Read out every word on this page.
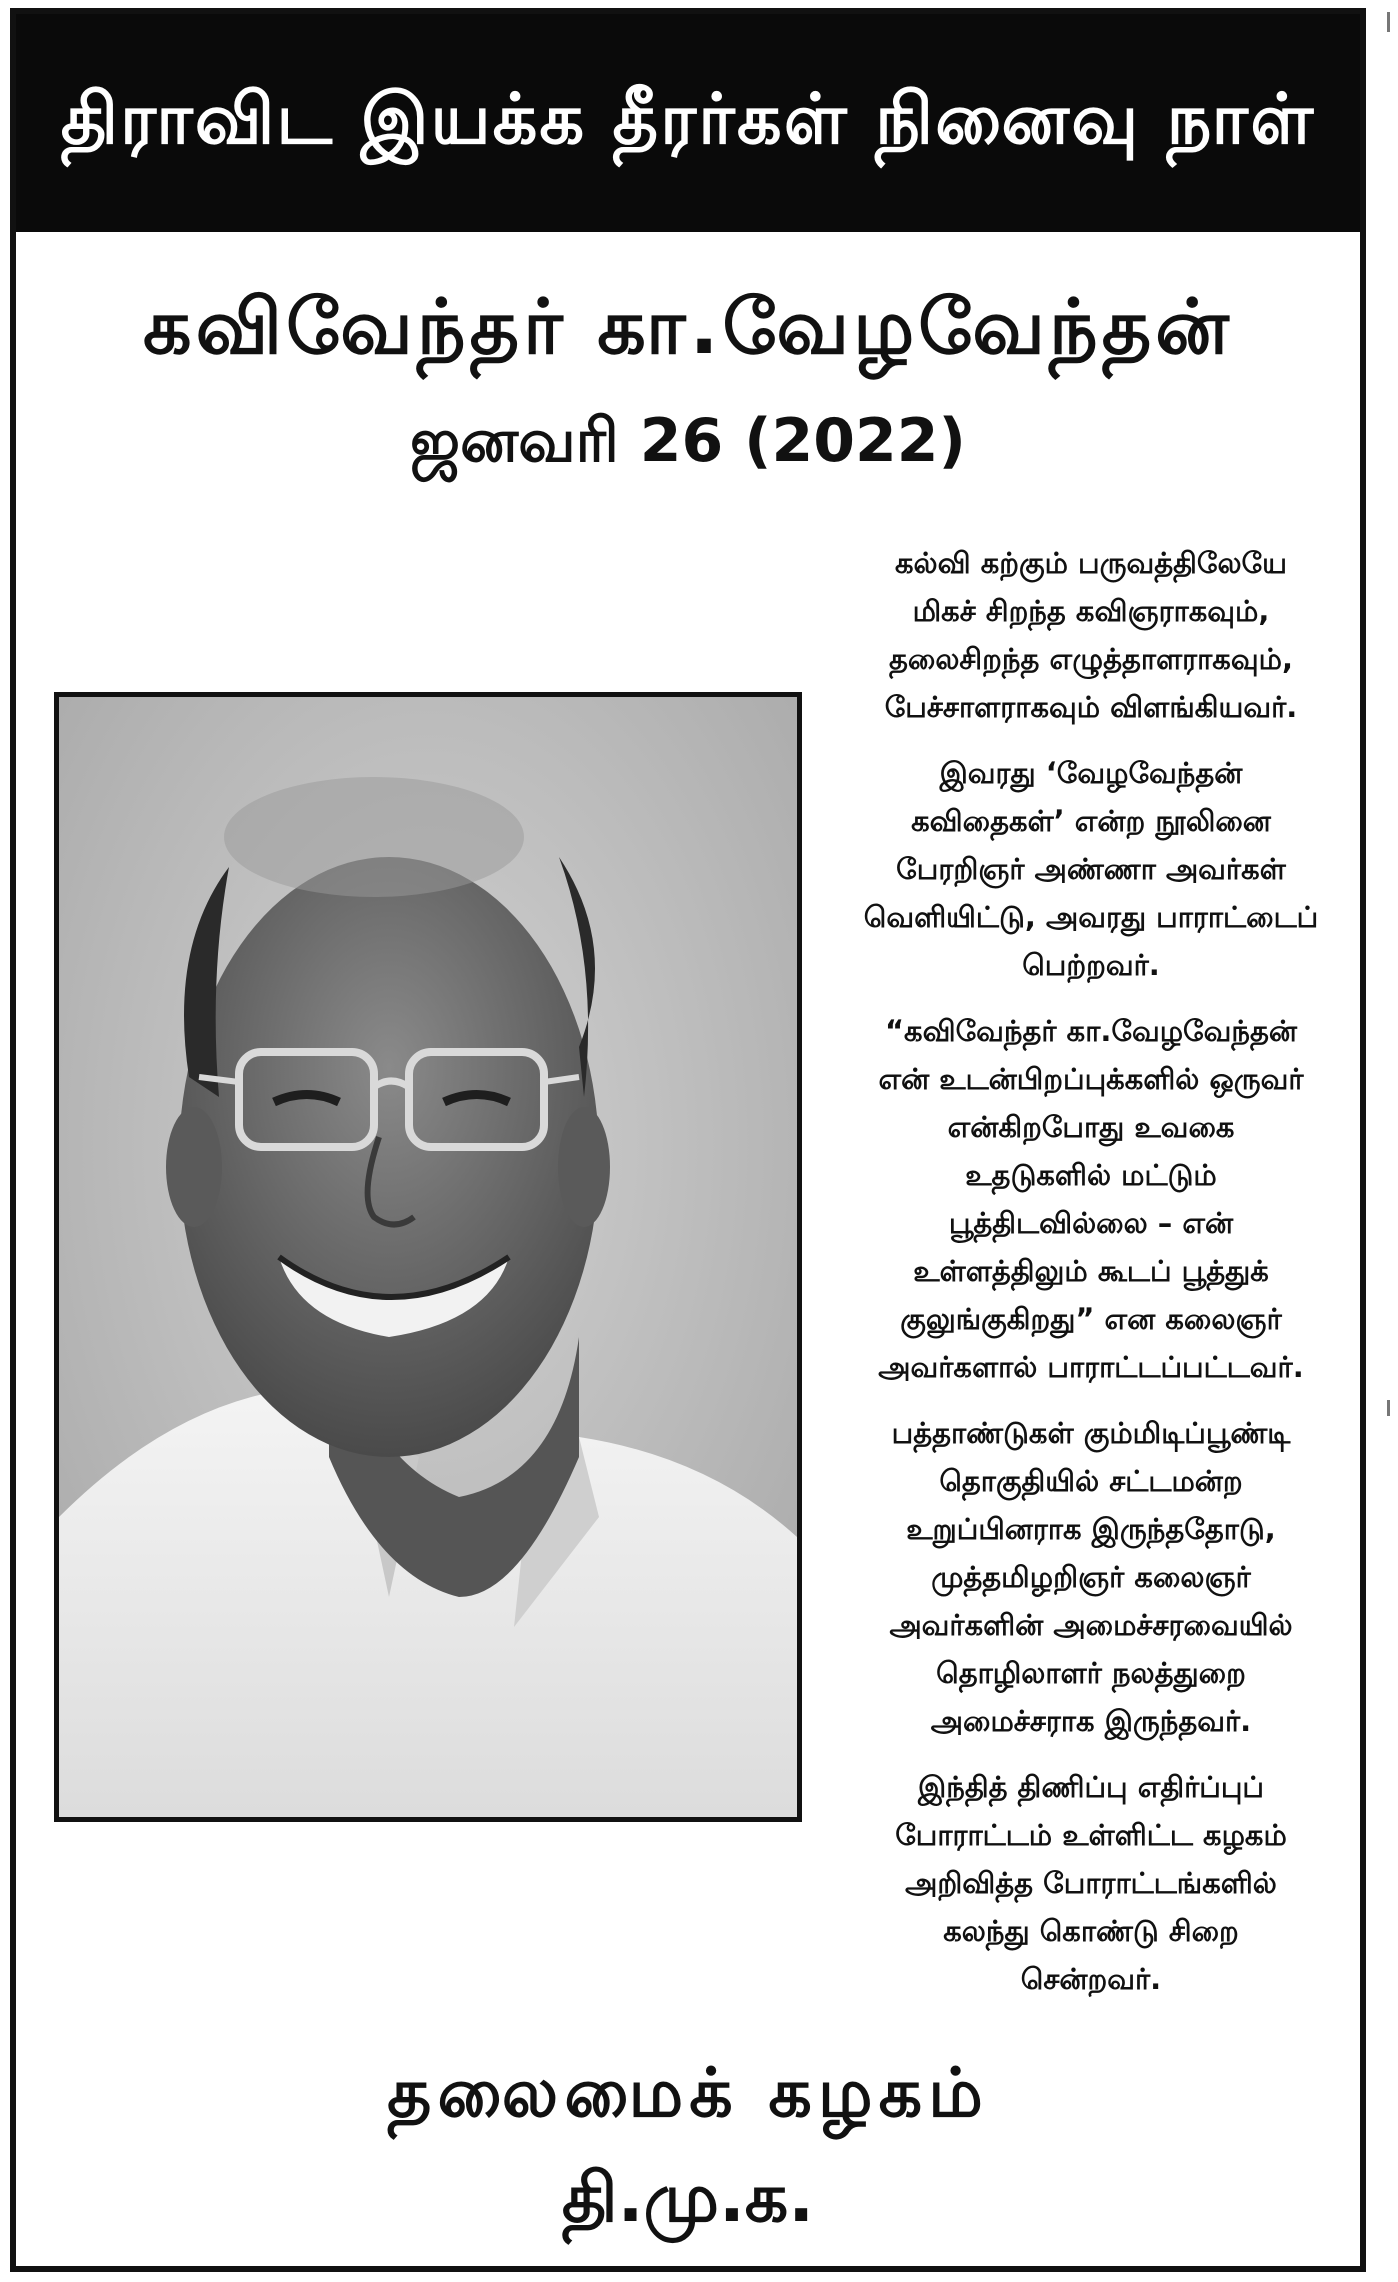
திராவிட இயக்க தீரர்கள் நினைவு நாள்
கவிவேந்தர் கா.வேழவேந்தன்
ஜனவரி 26 (2022)

கல்வி கற்கும் பருவத்திலேயே
மிகச் சிறந்த கவிஞராகவும்,
தலைசிறந்த எழுத்தாளராகவும்,
பேச்சாளராகவும் விளங்கியவர்.

இவரது ‘வேழவேந்தன்
கவிதைகள்’ என்ற நூலினை
பேரறிஞர் அண்ணா அவர்கள்
வெளியிட்டு, அவரது பாராட்டைப்
பெற்றவர்.

“கவிவேந்தர் கா.வேழவேந்தன்
என் உடன்பிறப்புக்களில் ஒருவர்
என்கிறபோது உவகை
உதடுகளில் மட்டும்
பூத்திடவில்லை – என்
உள்ளத்திலும் கூடப் பூத்துக்
குலுங்குகிறது” என கலைஞர்
அவர்களால் பாராட்டப்பட்டவர்.

பத்தாண்டுகள் கும்மிடிப்பூண்டி
தொகுதியில் சட்டமன்ற
உறுப்பினராக இருந்ததோடு,
முத்தமிழறிஞர் கலைஞர்
அவர்களின் அமைச்சரவையில்
தொழிலாளர் நலத்துறை
அமைச்சராக இருந்தவர்.

இந்தித் திணிப்பு எதிர்ப்புப்
போராட்டம் உள்ளிட்ட கழகம்
அறிவித்த போராட்டங்களில்
கலந்து கொண்டு சிறை
சென்றவர்.

தலைமைக் கழகம்
தி.மு.க.
